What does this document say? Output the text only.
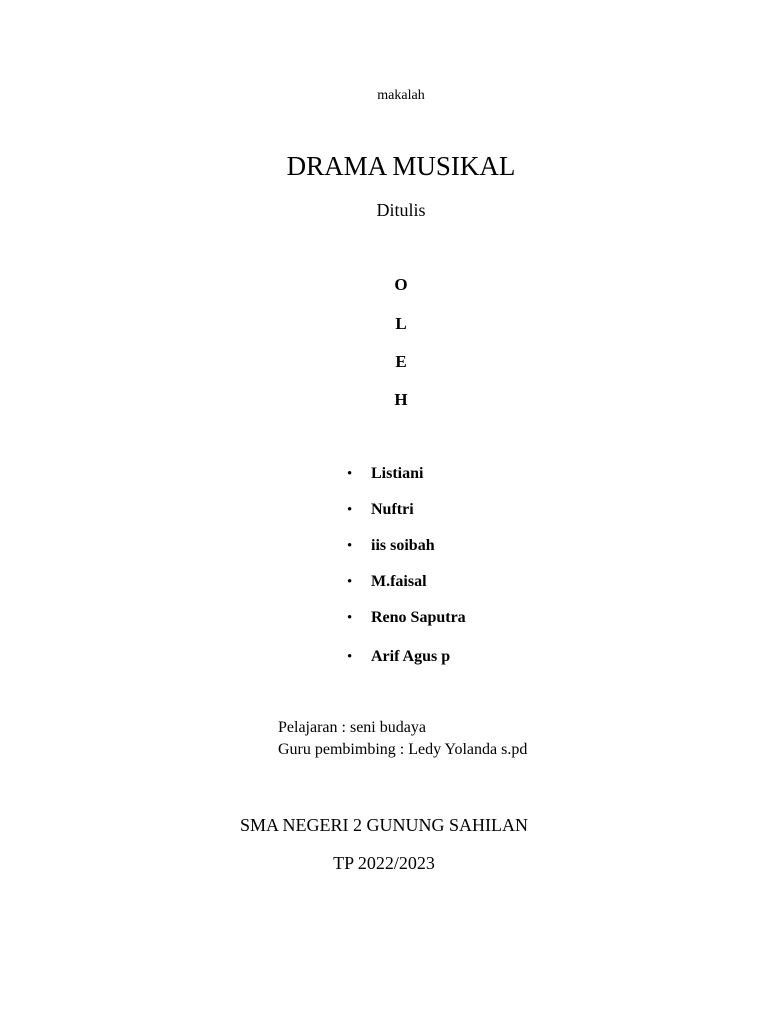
makalah
DRAMA MUSIKAL
Ditulis
O
L
E
H
• Listiani
• Nuftri
• iis soibah
• M.faisal
• Reno Saputra
• Arif Agus p
Pelajaran : seni budaya
Guru pembimbing : Ledy Yolanda s.pd
SMA NEGERI 2 GUNUNG SAHILAN
TP 2022/2023
